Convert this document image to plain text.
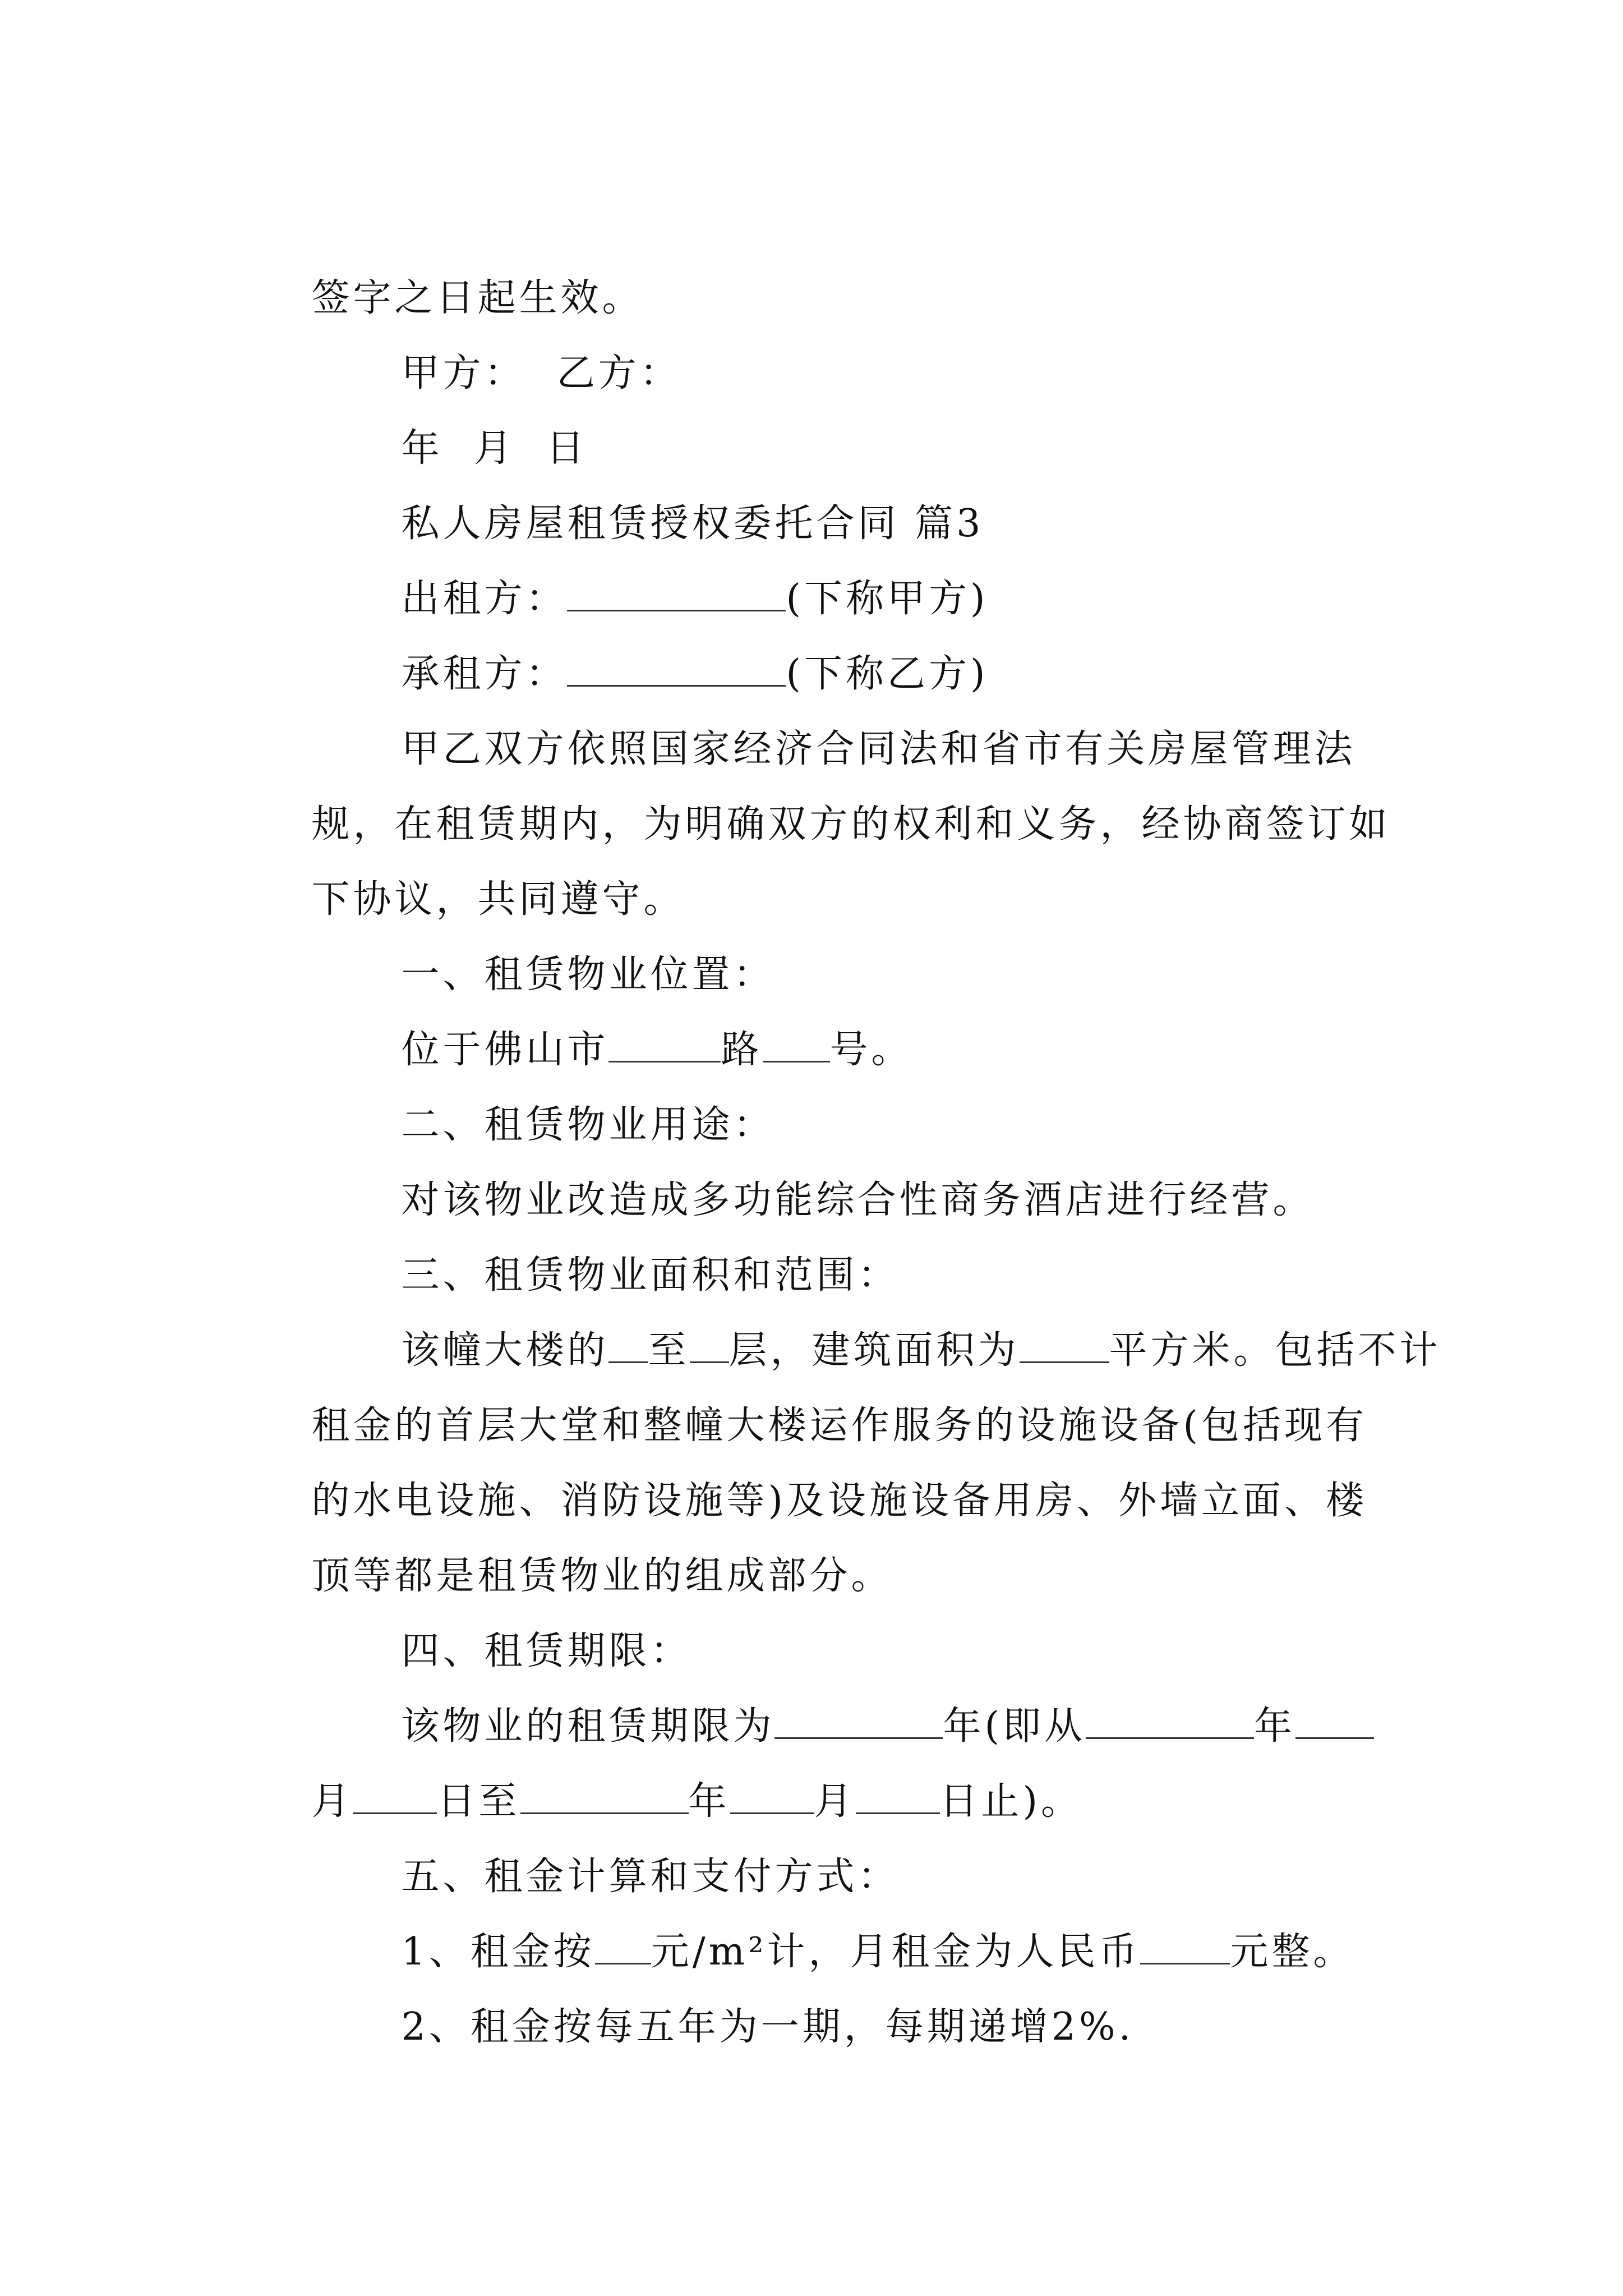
签字之日起生效。

甲方：  乙方：

年  月  日

私人房屋租赁授权委托合同 篇3

出租方：	(下称甲方)

承租方：	(下称乙方)

甲乙双方依照国家经济合同法和省市有关房屋管理法

规，在租赁期内，为明确双方的权利和义务，经协商签订如

下协议，共同遵守。

一、租赁物业位置：

位于佛山市	路 号。

二、租赁物业用途：

对该物业改造成多功能综合性商务酒店进行经营。

三、租赁物业面积和范围：

该幢大楼的 至 层，建筑面积为 平方米。包括不计

租金的首层大堂和整幢大楼运作服务的设施设备(包括现有

的水电设施、消防设施等)及设施设备用房、外墙立面、楼

顶等都是租赁物业的组成部分。

四、租赁期限：

该物业的租赁期限为	年(即从	年

月 日至	年 月 日止)。

五、租金计算和支付方式：

1、租金按 元/m²计，月租金为人民币 元整。

2、租金按每五年为一期，每期递增2%.
